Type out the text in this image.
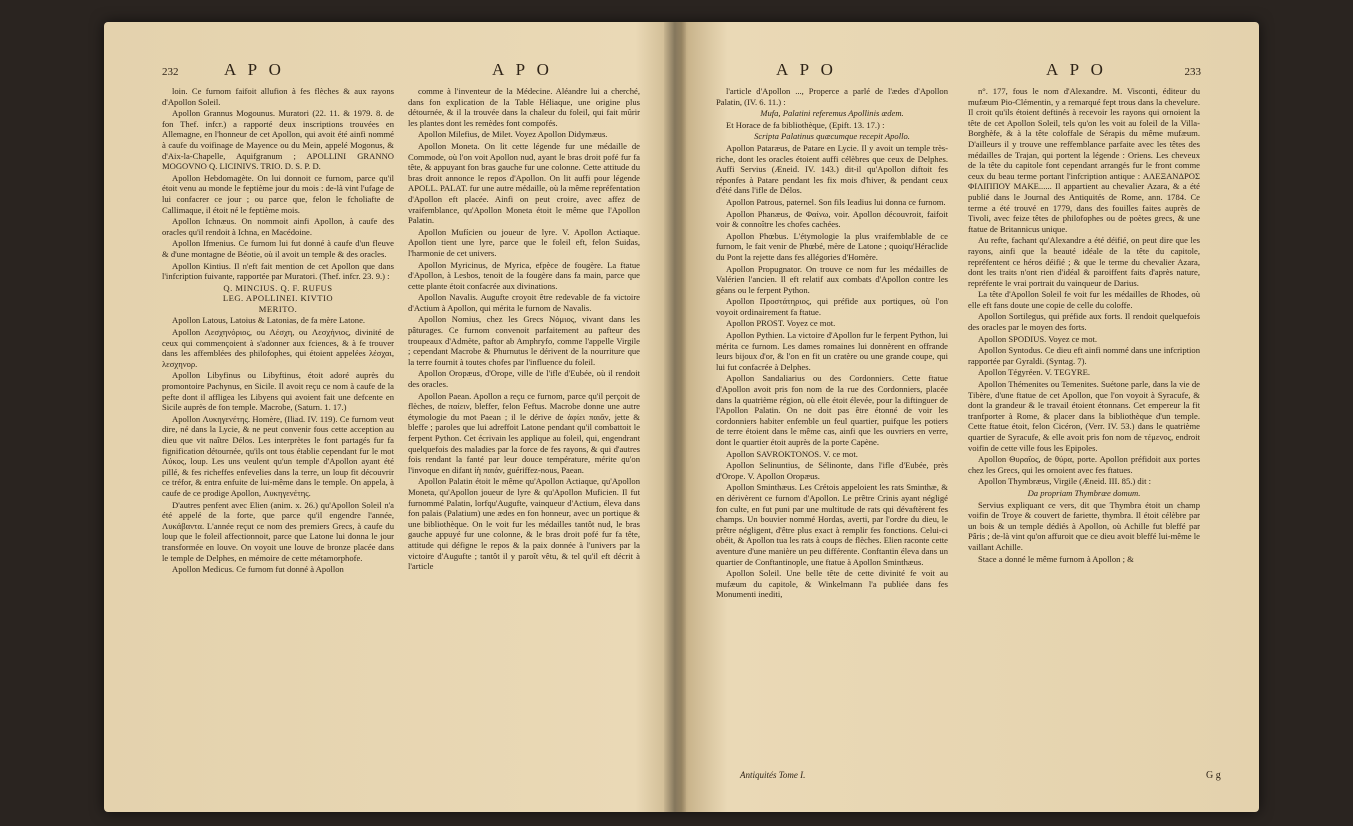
232	A P O	A P O

loin. Ce furnom faifoit allufion à fes flèches & aux rayons d'Apollon Soleil.

Apollon Grannus Mogounus. Muratori (22. 11. & 1979. 8. de fon Thef. infcr.) a rapporté deux inscriptions trouvées en Allemagne, en l'honneur de cet Apollon, qui avoit été ainfi nommé à caufe du voifinage de Mayence ou du Mein, appelé Mogonus, & d'Aix-la-Chapelle, Aquifgranum ; APOLLINI GRANNO MOGOVNO Q. LICINIVS. TRIO. D. S. P. D.

Apollon Hebdomagète. On lui donnoit ce furnom, parce qu'il étoit venu au monde le feptième jour du mois : de-là vint l'ufage de lui confacrer ce jour ; ou parce que, felon le fcholiafte de Callimaque, il étoit né le feptième mois.

Apollon Ichnæus. On nommoit ainfi Apollon, à caufe des oracles qu'il rendoit à Ichna, en Macédoine.

Apollon Ifmenius. Ce furnom lui fut donné à caufe d'un fleuve & d'une montagne de Béotie, où il avoit un temple & des oracles.

Apollon Kintius. Il n'eft fait mention de cet Apollon que dans l'infcription fuivante, rapportée par Muratori. (Thef. infcr. 23. 9.) :

Q. MINCIUS. Q. F. RUFUS
LEG. APOLLINEI. KIVTIO
MERITO.

Apollon Latous, Latoius & Latonias, de fa mère Latone.

Apollon Λεσχηνόριος, ou Λέσχη, ou Λεσχήνιος, divinité de ceux qui commençoient à s'adonner aux fciences, & à fe trouver dans les affemblées des philofophes, qui étoient appelées λέσχαι, λεσχηνορ.

Apollon Libyfinus ou Libyftinus, étoit adoré auprès du promontoire Pachynus, en Sicile. Il avoit reçu ce nom à caufe de la pefte dont il affligea les Libyens qui avoient fait une defcente en Sicile auprès de fon temple. Macrobe, (Saturn. 1. 17.)

Apollon Λυκηγενέτης. Homère, (Iliad. IV. 119). Ce furnom veut dire, né dans la Lycie, & ne peut convenir fous cette acception au dieu que vit naître Délos. Les interprètes le font partagés fur fa fignification détournée, qu'ils ont tous établie cependant fur le mot Λύκος, loup. Les uns veulent qu'un temple d'Apollon ayant été pillé, & fes richeffes enfevelies dans la terre, un loup fit découvrir ce tréfor, & entra enfuite de lui-même dans le temple. On appela, à caufe de ce prodige Apollon, Λυκηγενέτης.

D'autres penfent avec Elien (anim. x. 26.) qu'Apollon Soleil n'a été appelé de la forte, que parce qu'il engendre l'année, Λυκάβαντα. L'année reçut ce nom des premiers Grecs, à caufe du loup que le foleil affectionnoit, parce que Latone lui donna le jour transformée en louve. On voyoit une louve de bronze placée dans le temple de Delphes, en mémoire de cette métamorphofe.

Apollon Medicus. Ce furnom fut donné à Apollon

comme à l'inventeur de la Médecine. Aléandre lui a cherché, dans fon explication de la Table Héliaque, une origine plus détournée, & il la trouvée dans la chaleur du foleil, qui fait mûrir les plantes dont les remèdes font compofés.

Apollon Milefius, de Milet. Voyez Apollon Didymæus.

Apollon Moneta. On lit cette légende fur une médaille de Commode, où l'on voit Apollon nud, ayant le bras droit pofé fur fa tête, & appuyant fon bras gauche fur une colonne. Cette attitude du bras droit annonce le repos d'Apollon. On lit auffi pour légende APOLL. PALAT. fur une autre médaille, où la même repréfentation d'Apollon eft placée. Ainfi on peut croire, avec affez de vraifemblance, qu'Apollon Moneta étoit le même que l'Apollon Palatin.

Apollon Mufícien ou joueur de lyre. V. Apollon Actiaque. Apollon tient une lyre, parce que le foleil eft, felon Suidas, l'harmonie de cet univers.

Apollon Myricinus, de Myrica, efpèce de fougère. La ftatue d'Apollon, à Lesbos, tenoit de la fougère dans fa main, parce que cette plante étoit confacrée aux divinations.

Apollon Navalis. Augufte croyoit être redevable de fa victoire d'Actium à Apollon, qui mérita le furnom de Navalis.

Apollon Nomius, chez les Grecs Νόμιος, vivant dans les pâturages. Ce furnom convenoit parfaitement au pafteur des troupeaux d'Admète, paftor ab Amphryfo, comme l'appelle Virgile ; cependant Macrobe & Phurnutus le dérivent de la nourriture que la terre fournit à toutes chofes par l'influence du foleil.

Apollon Oropæus, d'Orope, ville de l'ifle d'Eubée, où il rendoit des oracles.

Apollon Paean. Apollon a reçu ce furnom, parce qu'il perçoit de flèches, de παίειν, bleffer, felon Feftus. Macrobe donne une autre étymologie du mot Paean ; il le dérive de ἀφίει παιᾶν, jette & bleffe ; paroles que lui adreffoit Latone pendant qu'il combattoit le ferpent Python. Cet écrivain les applique au foleil, qui, engendrant quelquefois des maladies par la force de fes rayons, & qui d'autres fois rendant la fanté par leur douce température, mérite qu'on l'invoque en difant ἰὴ παιάν, guériffez-nous, Paean.

Apollon Palatin étoit le même qu'Apollon Actiaque, qu'Apollon Moneta, qu'Apollon joueur de lyre & qu'Apollon Muficien. Il fut furnommé Palatin, lorfqu'Augufte, vainqueur d'Actium, éleva dans fon palais (Palatium) une ædes en fon honneur, avec un portique & une bibliothèque. On le voit fur les médailles tantôt nud, le bras gauche appuyé fur une colonne, & le bras droit pofé fur fa tête, attitude qui défigne le repos & la paix donnée à l'univers par la victoire d'Augufte ; tantôt il y paroît vêtu, & tel qu'il eft décrit à l'article

A P O	A P O	233

l'article d'Apollon ..., Properce a parlé de l'ædes d'Apollon Palatin, (IV. 6. 11.) :

Mufa, Palatini referemus Apollinis ædem.

Et Horace de fa bibliothèque, (Epift. 13. 17.) :

Scripta Palatinus quæcumque recepit Apollo.

Apollon Pataræus, de Patare en Lycie. Il y avoit un temple très-riche, dont les oracles étoient auffi célèbres que ceux de Delphes. Auffi Servius (Æneid. IV. 143.) dit-il qu'Apollon diftoit fes réponfes à Patare pendant les fix mois d'hiver, & pendant ceux d'été dans l'ifle de Délos.

Apollon Patrous, paternel. Son fils Ieadius lui donna ce furnom.

Apollon Phanæus, de Φαίνω, voir. Apollon découvroit, faifoit voir & connoître les chofes cachées.

Apollon Phœbus. L'étymologie la plus vraifemblable de ce furnom, le fait venir de Phœbé, mère de Latone ; quoiqu'Héraclide du Pont la rejette dans fes allégories d'Homère.

Apollon Propugnator. On trouve ce nom fur les médailles de Valérien l'ancien. Il eft relatif aux combats d'Apollon contre les géans ou le ferpent Python.

Apollon Προστάτηριος, qui préfide aux portiques, où l'on voyoit ordinairement fa ftatue.

Apollon PROST. Voyez ce mot.

Apollon Pythien. La victoire d'Apollon fur le ferpent Python, lui mérita ce furnom. Les dames romaines lui donnèrent en offrande leurs bijoux d'or, & l'on en fit un cratère ou une grande coupe, qui lui fut confacrée à Delphes.

Apollon Sandaliarius ou des Cordonniers. Cette ftatue d'Apollon avoit pris fon nom de la rue des Cordonniers, placée dans la quatrième région, où elle étoit élevée, pour la diftinguer de l'Apollon Palatin. On ne doit pas être étonné de voir les cordonniers habiter enfemble un feul quartier, puifque les potiers de terre étoient dans le même cas, ainfi que les ouvriers en verre, dont le quartier étoit auprès de la porte Capène.

Apollon SAVROKTONOS. V. ce mot.

Apollon Selinuntius, de Sélinonte, dans l'ifle d'Eubée, près d'Orope. V. Apollon Oropæus.

Apollon Sminthæus. Les Crétois appeloient les rats Sminthæ, & en dérivèrent ce furnom d'Apollon. Le prêtre Crinis ayant négligé fon culte, en fut puni par une multitude de rats qui dévaftèrent fes champs. Un bouvier nommé Hordas, averti, par l'ordre du dieu, le prêtre négligent, d'être plus exact à remplir fes fonctions. Celui-ci obéit, & Apollon tua les rats à coups de flèches. Elien raconte cette aventure d'une manière un peu différente. Conftantin éleva dans un quartier de Conftantinople, une ftatue à Apollon Sminthæus.

Apollon Soleil. Une belle tête de cette divinité fe voit au mufæum du capitole, & Winkelmann l'a publiée dans fes Monumenti inediti,

n°. 177, fous le nom d'Alexandre. M. Visconti, éditeur du mufæum Pio-Clémentin, y a remarqué fept trous dans la chevelure. Il croit qu'ils étoient deftinés à recevoir les rayons qui ornoient la tête de cet Apollon Soleil, tels qu'on les voit au foleil de la Villa-Borghèfe, & à la tête coloffale de Sérapis du même mufæum. D'ailleurs il y trouve une reffemblance parfaite avec les têtes des médailles de Trajan, qui portent la légende : Oriens. Les cheveux de la tête du capitole font cependant arrangés fur le front comme ceux du beau terme portant l'infcription antique : ΑΛΕΞΑΝΔΡΟΣ ΦΙΛΙΠΠΟΥ ΜΑΚΕ...... Il appartient au chevalier Azara, & a été publié dans le Journal des Antiquités de Rome, ann. 1784. Ce terme a été trouvé en 1779, dans des fouilles faites auprès de Tivoli, avec feize têtes de philofophes ou de poètes grecs, & une ftatue de Britannicus unique.

Au refte, fachant qu'Alexandre a été déifié, on peut dire que les rayons, ainfi que la beauté idéale de la tête du capitole, repréfentent ce héros déifié ; & que le terme du chevalier Azara, dont les traits n'ont rien d'idéal & paroiffent faits d'après nature, repréfente le vrai portrait du vainqueur de Darius.

La tête d'Apollon Soleil fe voit fur les médailles de Rhodes, où elle eft fans doute une copie de celle du coloffe.

Apollon Sortilegus, qui préfide aux forts. Il rendoit quelquefois des oracles par le moyen des forts.

Apollon SPODIUS. Voyez ce mot.

Apollon Syntodus. Ce dieu eft ainfi nommé dans une infcription rapportée par Gyraldi. (Syntag. 7).

Apollon Tégyréen. V. TEGYRE.

Apollon Thémenites ou Temenites. Suétone parle, dans la vie de Tibère, d'une ftatue de cet Apollon, que l'on voyoit à Syracufe, & dont la grandeur & le travail étoient étonnans. Cet empereur la fit tranfporter à Rome, & placer dans la bibliothèque d'un temple. Cette ftatue étoit, felon Cicéron, (Verr. IV. 53.) dans le quatrième quartier de Syracufe, & elle avoit pris fon nom de τέμενος, endroit voifin de cette ville fous les Epipoles.

Apollon Θυραῖος, de θύρα, porte. Apollon préfidoit aux portes chez les Grecs, qui les ornoient avec fes ftatues.

Apollon Thymbræus, Virgile (Æneid. III. 85.) dit :

Da propriam Thymbræe domum.

Servius expliquant ce vers, dit que Thymbra étoit un champ voifin de Troye & couvert de fariette, thymbra. Il étoit célèbre par un bois & un temple dédiés à Apollon, où Achille fut bleffé par Pâris ; de-là vint qu'on affuroit que ce dieu avoit bleffé lui-même le vaillant Achille.

Stace a donné le même furnom à Apollon ; &

Antiquités Tome I.	G g
